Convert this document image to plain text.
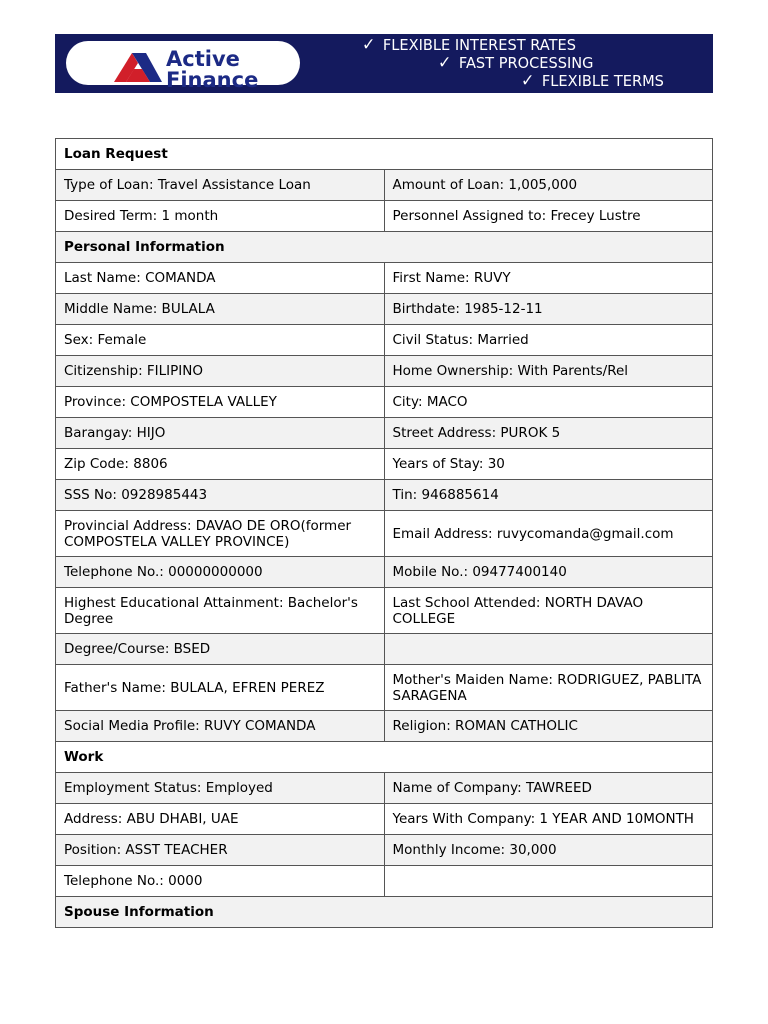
Active
Finance
✓ FLEXIBLE INTEREST RATES
✓ FAST PROCESSING
✓ FLEXIBLE TERMS
Loan Request	
Type of Loan: Travel Assistance Loan	Amount of Loan: 1,005,000
Desired Term: 1 month	Personnel Assigned to: Frecey Lustre
Personal Information	
Last Name: COMANDA	First Name: RUVY
Middle Name: BULALA	Birthdate: 1985-12-11
Sex: Female	Civil Status: Married
Citizenship: FILIPINO	Home Ownership: With Parents/Rel
Province: COMPOSTELA VALLEY	City: MACO
Barangay: HIJO	Street Address: PUROK 5
Zip Code: 8806	Years of Stay: 30
SSS No: 0928985443	Tin: 946885614
Provincial Address: DAVAO DE ORO(former COMPOSTELA VALLEY PROVINCE)	Email Address: ruvycomanda@gmail.com
Telephone No.: 00000000000	Mobile No.: 09477400140
Highest Educational Attainment: Bachelor's Degree	Last School Attended: NORTH DAVAO COLLEGE
Degree/Course: BSED	
Father's Name: BULALA, EFREN PEREZ	Mother's Maiden Name: RODRIGUEZ, PABLITA SARAGENA
Social Media Profile: RUVY COMANDA	Religion: ROMAN CATHOLIC
Work	
Employment Status: Employed	Name of Company: TAWREED
Address: ABU DHABI, UAE	Years With Company: 1 YEAR AND 10MONTH
Position: ASST TEACHER	Monthly Income: 30,000
Telephone No.: 0000	
Spouse Information	
